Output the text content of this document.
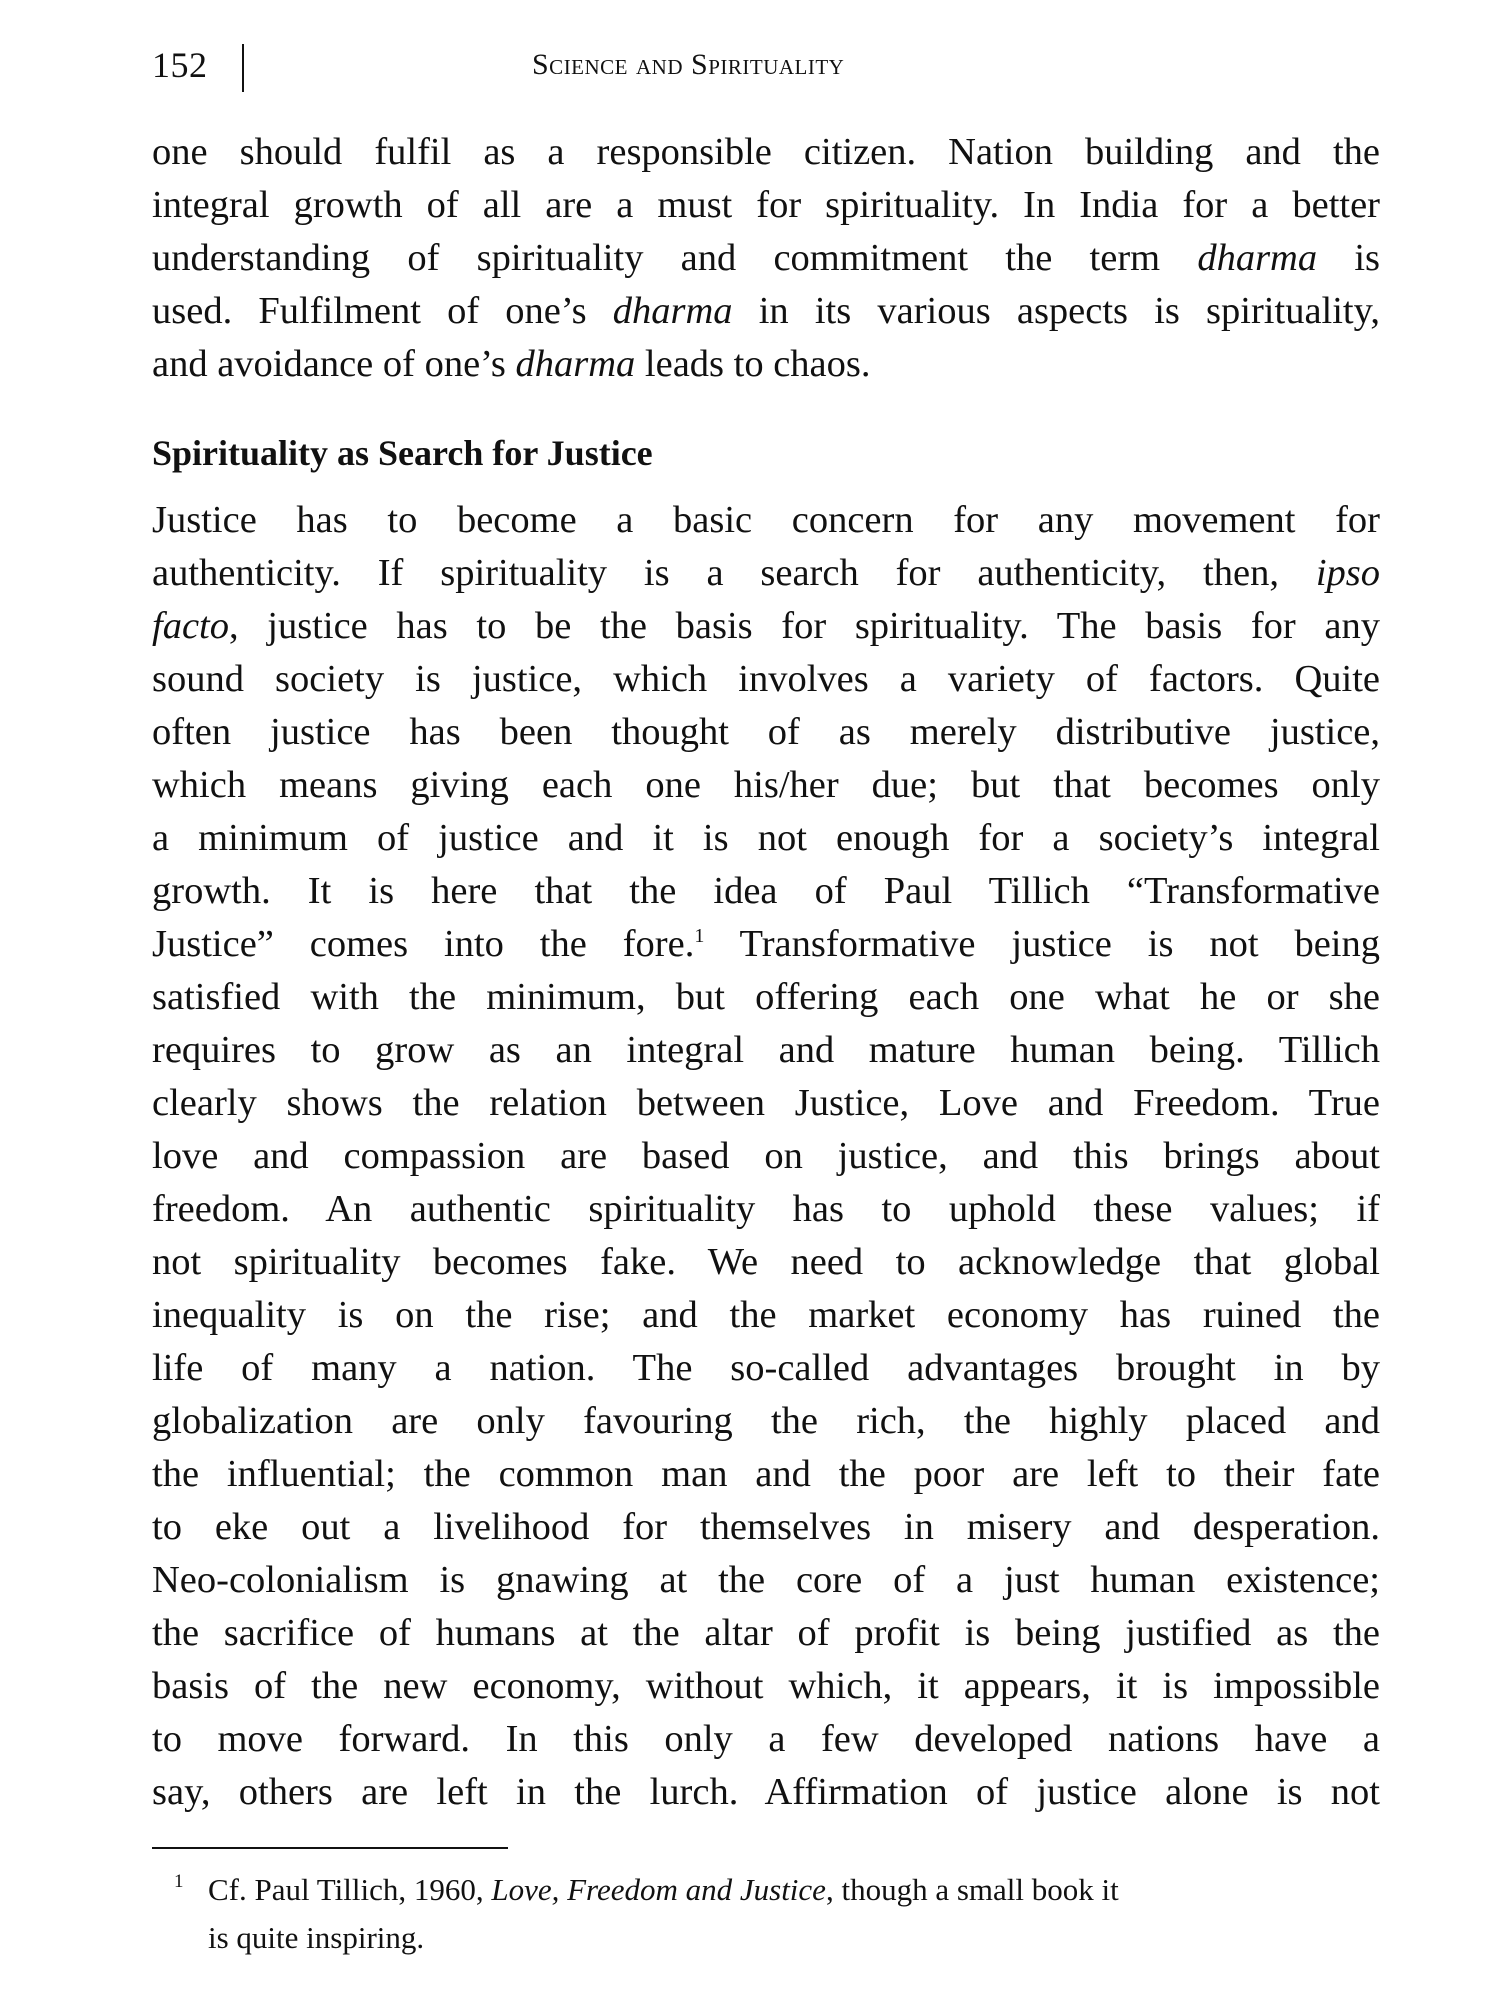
152	Science and Spirituality
one should fulfil as a responsible citizen. Nation building and the
integral growth of all are a must for spirituality. In India for a better
understanding of spirituality and commitment the term dharma is
used. Fulfilment of one’s dharma in its various aspects is spirituality,
and avoidance of one’s dharma leads to chaos.
Spirituality as Search for Justice
Justice has to become a basic concern for any movement for
authenticity. If spirituality is a search for authenticity, then, ipso
facto, justice has to be the basis for spirituality. The basis for any
sound society is justice, which involves a variety of factors. Quite
often justice has been thought of as merely distributive justice,
which means giving each one his/her due; but that becomes only
a minimum of justice and it is not enough for a society’s integral
growth. It is here that the idea of Paul Tillich “Transformative
Justice” comes into the fore.$^1$ Transformative justice is not being
satisfied with the minimum, but offering each one what he or she
requires to grow as an integral and mature human being. Tillich
clearly shows the relation between Justice, Love and Freedom. True
love and compassion are based on justice, and this brings about
freedom. An authentic spirituality has to uphold these values; if
not spirituality becomes fake. We need to acknowledge that global
inequality is on the rise; and the market economy has ruined the
life of many a nation. The so-called advantages brought in by
globalization are only favouring the rich, the highly placed and
the influential; the common man and the poor are left to their fate
to eke out a livelihood for themselves in misery and desperation.
Neo-colonialism is gnawing at the core of a just human existence;
the sacrifice of humans at the altar of profit is being justified as the
basis of the new economy, without which, it appears, it is impossible
to move forward. In this only a few developed nations have a
say, others are left in the lurch. Affirmation of justice alone is not
1 Cf. Paul Tillich, 1960, Love, Freedom and Justice, though a small book it
is quite inspiring.
